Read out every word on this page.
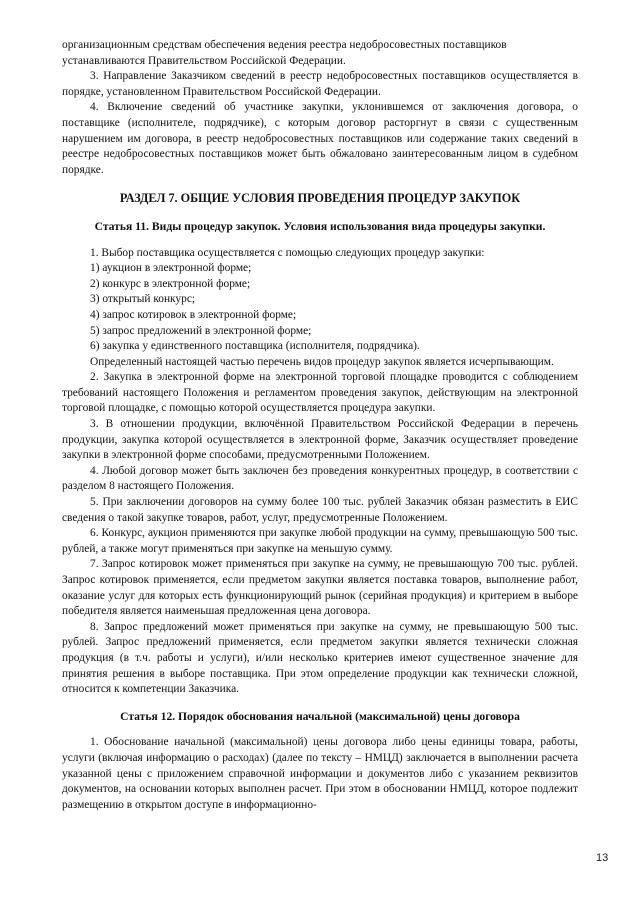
организационным средствам обеспечения ведения реестра недобросовестных поставщиков устанавливаются Правительством Российской Федерации.

3. Направление Заказчиком сведений в реестр недобросовестных поставщиков осуществляется в порядке, установленном Правительством Российской Федерации.

4. Включение сведений об участнике закупки, уклонившемся от заключения договора, о поставщике (исполнителе, подрядчике), с которым договор расторгнут в связи с существенным нарушением им договора, в реестр недобросовестных поставщиков или содержание таких сведений в реестре недобросовестных поставщиков может быть обжаловано заинтересованным лицом в судебном порядке.

РАЗДЕЛ 7. ОБЩИЕ УСЛОВИЯ ПРОВЕДЕНИЯ ПРОЦЕДУР ЗАКУПОК
Статья 11. Виды процедур закупок. Условия использования вида процедуры закупки.

1. Выбор поставщика осуществляется с помощью следующих процедур закупки:

1) аукцион в электронной форме;

2) конкурс в электронной форме;

3) открытый конкурс;

4) запрос котировок в электронной форме;

5) запрос предложений в электронной форме;

6) закупка у единственного поставщика (исполнителя, подрядчика).

Определенный настоящей частью перечень видов процедур закупок является исчерпывающим.

2. Закупка в электронной форме на электронной торговой площадке проводится с соблюдением требований настоящего Положения и регламентом проведения закупок, действующим на электронной торговой площадке, с помощью которой осуществляется процедура закупки.

3. В отношении продукции, включённой Правительством Российской Федерации в перечень продукции, закупка которой осуществляется в электронной форме, Заказчик осуществляет проведение закупки в электронной форме способами, предусмотренными Положением.

4. Любой договор может быть заключен без проведения конкурентных процедур, в соответствии с разделом 8 настоящего Положения.

5. При заключении договоров на сумму более 100 тыс. рублей Заказчик обязан разместить в ЕИС сведения о такой закупке товаров, работ, услуг, предусмотренные Положением.

6. Конкурс, аукцион применяются при закупке любой продукции на сумму, превышающую 500 тыс. рублей, а также могут применяться при закупке на меньшую сумму.

7. Запрос котировок может применяться при закупке на сумму, не превышающую 700 тыс. рублей. Запрос котировок применяется, если предметом закупки является поставка товаров, выполнение работ, оказание услуг для которых есть функционирующий рынок (серийная продукция) и критерием в выборе победителя является наименьшая предложенная цена договора.

8. Запрос предложений может применяться при закупке на сумму, не превышающую 500 тыс. рублей. Запрос предложений применяется, если предметом закупки является технически сложная продукция (в т.ч. работы и услуги), и/или несколько критериев имеют существенное значение для принятия решения в выборе поставщика. При этом определение продукции как технически сложной, относится к компетенции Заказчика.

Статья 12. Порядок обоснования начальной (максимальной) цены договора

1. Обоснование начальной (максимальной) цены договора либо цены единицы товара, работы, услуги (включая информацию о расходах) (далее по тексту – НМЦД) заключается в выполнении расчета указанной цены с приложением справочной информации и документов либо с указанием реквизитов документов, на основании которых выполнен расчет. При этом в обосновании НМЦД, которое подлежит размещению в открытом доступе в информационно-

13
